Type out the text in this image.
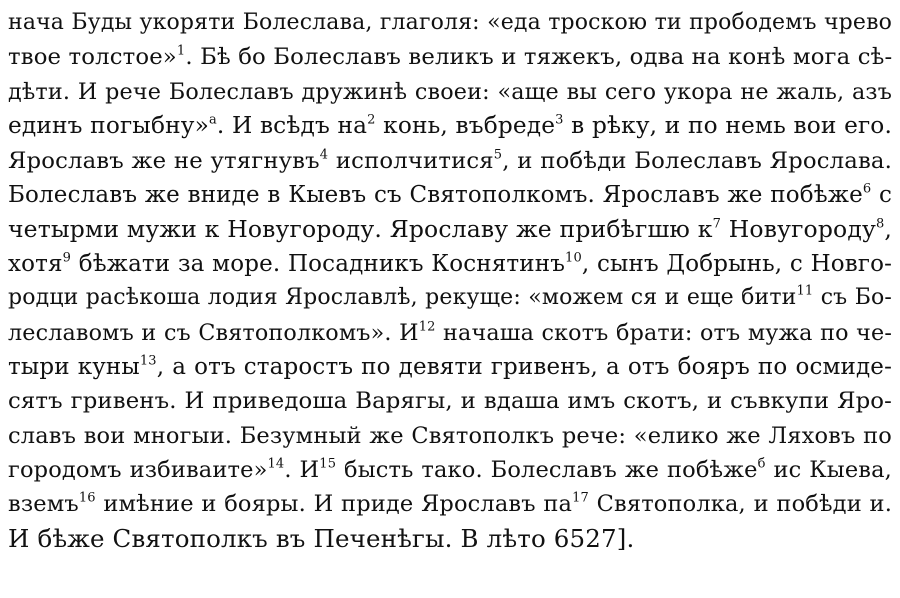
нача Буды укоряти Болеслава, глаголя: «еда троскою ти прободемъ чрево
твое толстое»$^1$. Бѣ бо Болеславъ великъ и тяжекъ, одва на конѣ мога сѣ-
дѣти. И рече Болеславъ дружинѣ своеи: «аще вы сего укора не жаль, азъ
единъ погыбну»$^а$. И всѣдъ $на^2$ конь, въбреде$^3$ в рѣку, и по немь вои его.
Ярославъ же не утягнувъ$^4$ исполчитися$^5$, и побѣди Болеславъ Ярослава.
Болеславъ же вниде в Кыевъ съ Святополкомъ. Ярославъ же побѣже$^6$ с
четырми мужи к Новугороду. Ярославу же прибѣгшю $к^7$ Новугороду$^8$,
хотя$^9$ бѣжати за море. Посадникъ Коснятинъ$^{10}$, сынъ Добрынь, с Новго-
родци расѣкоша лодия Ярославлѣ, рекуще: «можем ся и еще бити$^{11}$ съ Бо-
леславомъ и съ Святополкомъ». $И^{12}$ начаша скотъ брати: отъ мужа по че-
тыри куны$^{13}$, а отъ старостъ по девяти гривенъ, а отъ бояръ по осмиде-
сятъ гривенъ. И приведоша Варягы, и вдаша имъ скотъ, и съвкупи Яро-
славъ вои многыи. Безумный же Святополкъ рече: «елико же Ляховъ по
городомъ избиваите»$^{14}$. $И^{15}$ бысть тако. Болеславъ же побѣже$^б$ ис Кыева,
вземъ$^{16}$ имѣние и бояры. И приде Ярославъ $па^{17}$ Святополка, и побѣди и.
И бѣже Святополкъ въ Печенѣгы. В лѣто 6527].
